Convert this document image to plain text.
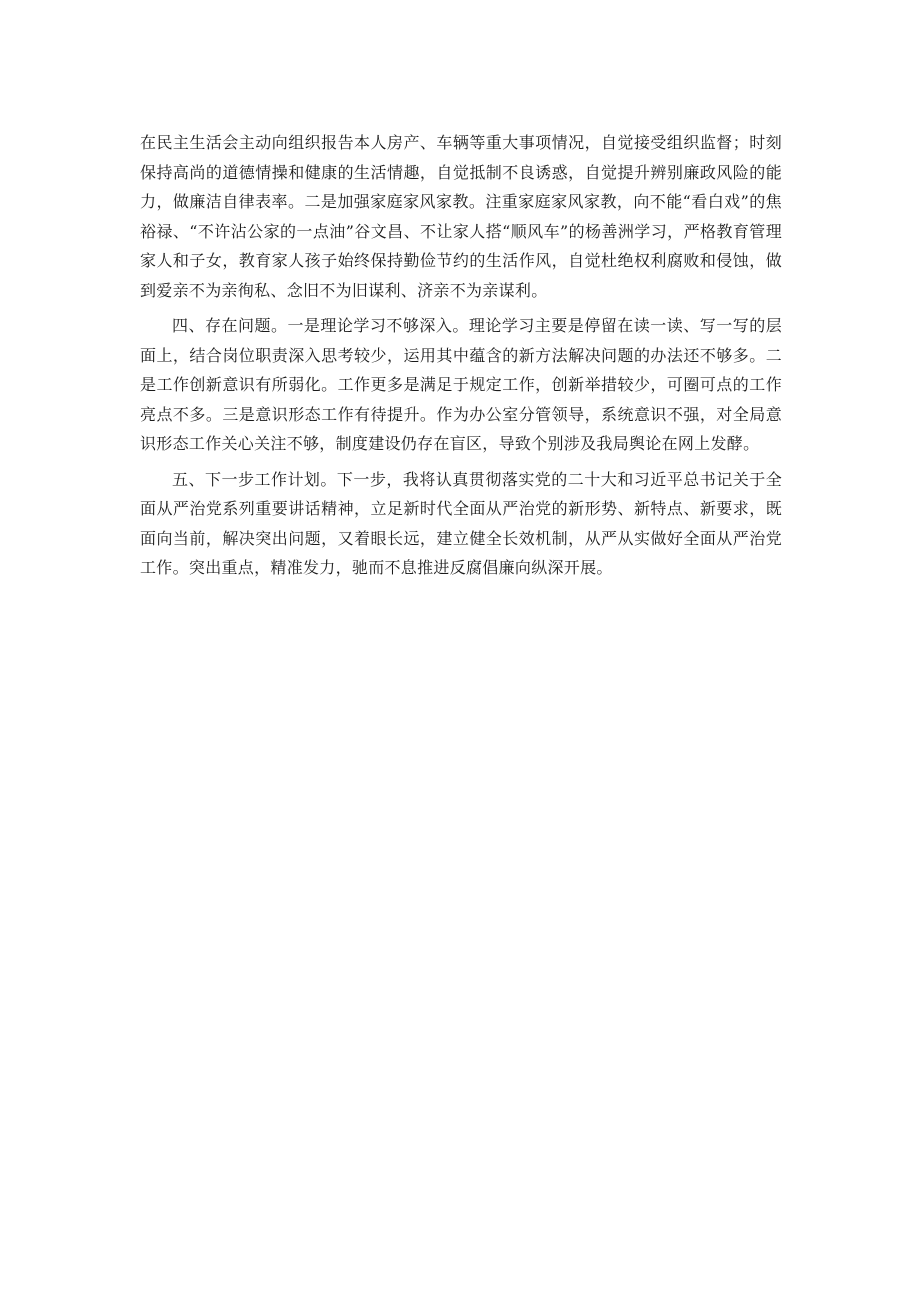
在民主生活会主动向组织报告本人房产、车辆等重大事项情况，自觉接受组织监督；时刻保持高尚的道德情操和健康的生活情趣，自觉抵制不良诱惑，自觉提升辨别廉政风险的能力，做廉洁自律表率。二是加强家庭家风家教。注重家庭家风家教，向不能“看白戏”的焦裕禄、“不许沾公家的一点油”谷文昌、不让家人搭“顺风车”的杨善洲学习，严格教育管理家人和子女，教育家人孩子始终保持勤俭节约的生活作风，自觉杜绝权利腐败和侵蚀，做到爱亲不为亲徇私、念旧不为旧谋利、济亲不为亲谋利。

四、存在问题。一是理论学习不够深入。理论学习主要是停留在读一读、写一写的层面上，结合岗位职责深入思考较少，运用其中蕴含的新方法解决问题的办法还不够多。二是工作创新意识有所弱化。工作更多是满足于规定工作，创新举措较少，可圈可点的工作亮点不多。三是意识形态工作有待提升。作为办公室分管领导，系统意识不强，对全局意识形态工作关心关注不够，制度建设仍存在盲区，导致个别涉及我局舆论在网上发酵。

五、下一步工作计划。下一步，我将认真贯彻落实党的二十大和习近平总书记关于全面从严治党系列重要讲话精神，立足新时代全面从严治党的新形势、新特点、新要求，既面向当前，解决突出问题，又着眼长远，建立健全长效机制，从严从实做好全面从严治党工作。突出重点，精准发力，驰而不息推进反腐倡廉向纵深开展。
